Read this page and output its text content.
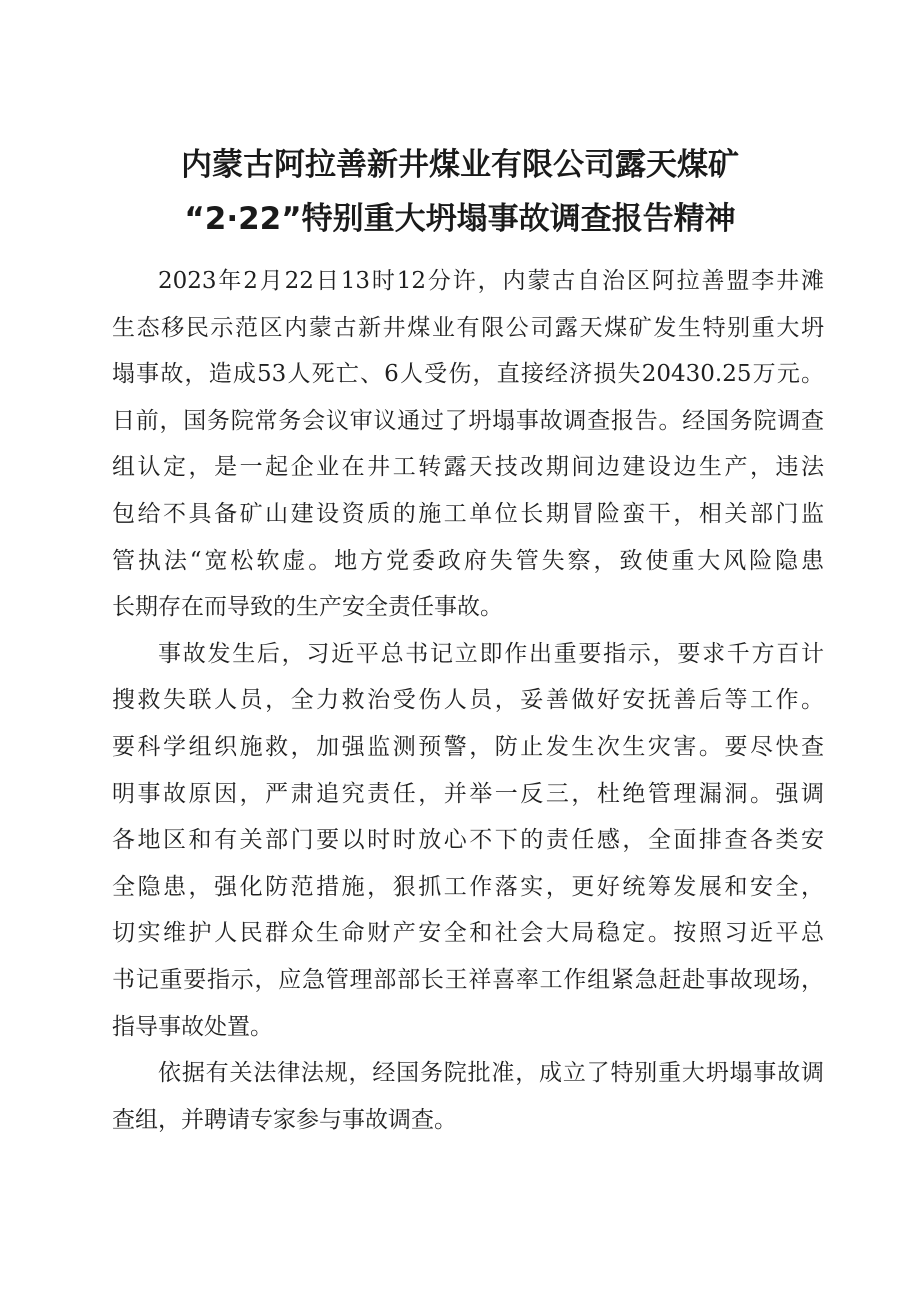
内蒙古阿拉善新井煤业有限公司露天煤矿
“2·22”特别重大坍塌事故调查报告精神
2023年2月22日13时12分许，内蒙古自治区阿拉善盟李井滩
生态移民示范区内蒙古新井煤业有限公司露天煤矿发生特别重大坍
塌事故，造成53人死亡、6人受伤，直接经济损失20430.25万元。
日前，国务院常务会议审议通过了坍塌事故调查报告。经国务院调查
组认定，是一起企业在井工转露天技改期间边建设边生产，违法
包给不具备矿山建设资质的施工单位长期冒险蛮干，相关部门监
管执法“宽松软虚。地方党委政府失管失察，致使重大风险隐患
长期存在而导致的生产安全责任事故。
事故发生后，习近平总书记立即作出重要指示，要求千方百计
搜救失联人员，全力救治受伤人员，妥善做好安抚善后等工作。
要科学组织施救，加强监测预警，防止发生次生灾害。要尽快查
明事故原因，严肃追究责任，并举一反三，杜绝管理漏洞。强调
各地区和有关部门要以时时放心不下的责任感，全面排查各类安
全隐患，强化防范措施，狠抓工作落实，更好统筹发展和安全，
切实维护人民群众生命财产安全和社会大局稳定。按照习近平总
书记重要指示，应急管理部部长王祥喜率工作组紧急赶赴事故现场，
指导事故处置。
依据有关法律法规，经国务院批准，成立了特别重大坍塌事故调
查组，并聘请专家参与事故调查。
